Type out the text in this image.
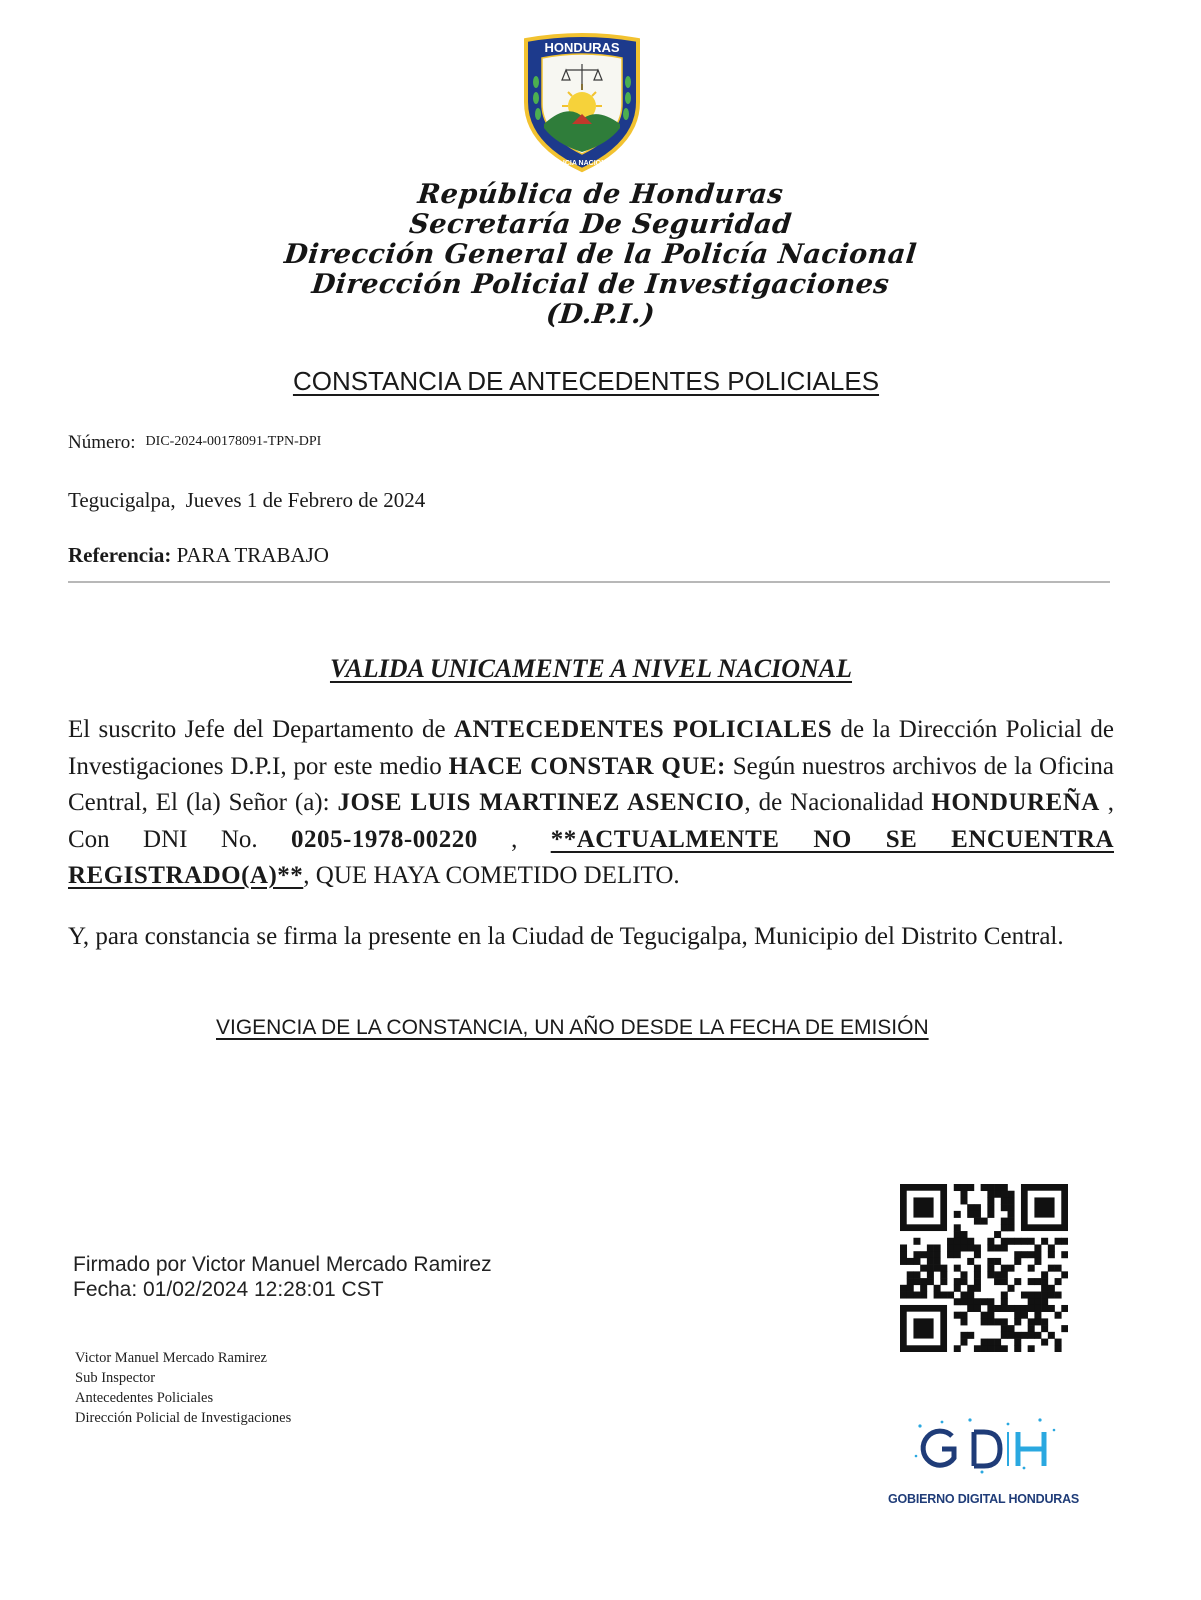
HONDURAS
POLICIA NACIONAL
República de Honduras
Secretaría De Seguridad
Dirección General de la Policía Nacional
Dirección Policial de Investigaciones
(D.P.I.)
CONSTANCIA DE ANTECEDENTES POLICIALES
Número: DIC-2024-00178091-TPN-DPI
Tegucigalpa, Jueves 1 de Febrero de 2024
Referencia: PARA TRABAJO
VALIDA UNICAMENTE A NIVEL NACIONAL
El suscrito Jefe del Departamento de ANTECEDENTES POLICIALES de la Dirección Policial de Investigaciones D.P.I, por este medio HACE CONSTAR QUE: Según nuestros archivos de la Oficina Central, El (la) Señor (a): JOSE LUIS MARTINEZ ASENCIO, de Nacionalidad HONDUREÑA , Con DNI No. 0205-1978-00220 , **ACTUALMENTE NO SE ENCUENTRA REGISTRADO(A)**, QUE HAYA COMETIDO DELITO.
Y, para constancia se firma la presente en la Ciudad de Tegucigalpa, Municipio del Distrito Central.
VIGENCIA DE LA CONSTANCIA, UN AÑO DESDE LA FECHA DE EMISIÓN
Firmado por Victor Manuel Mercado Ramirez
Fecha: 01/02/2024 12:28:01 CST
Victor Manuel Mercado Ramirez
Sub Inspector
Antecedentes Policiales
Dirección Policial de Investigaciones
GOBIERNO DIGITAL HONDURAS
